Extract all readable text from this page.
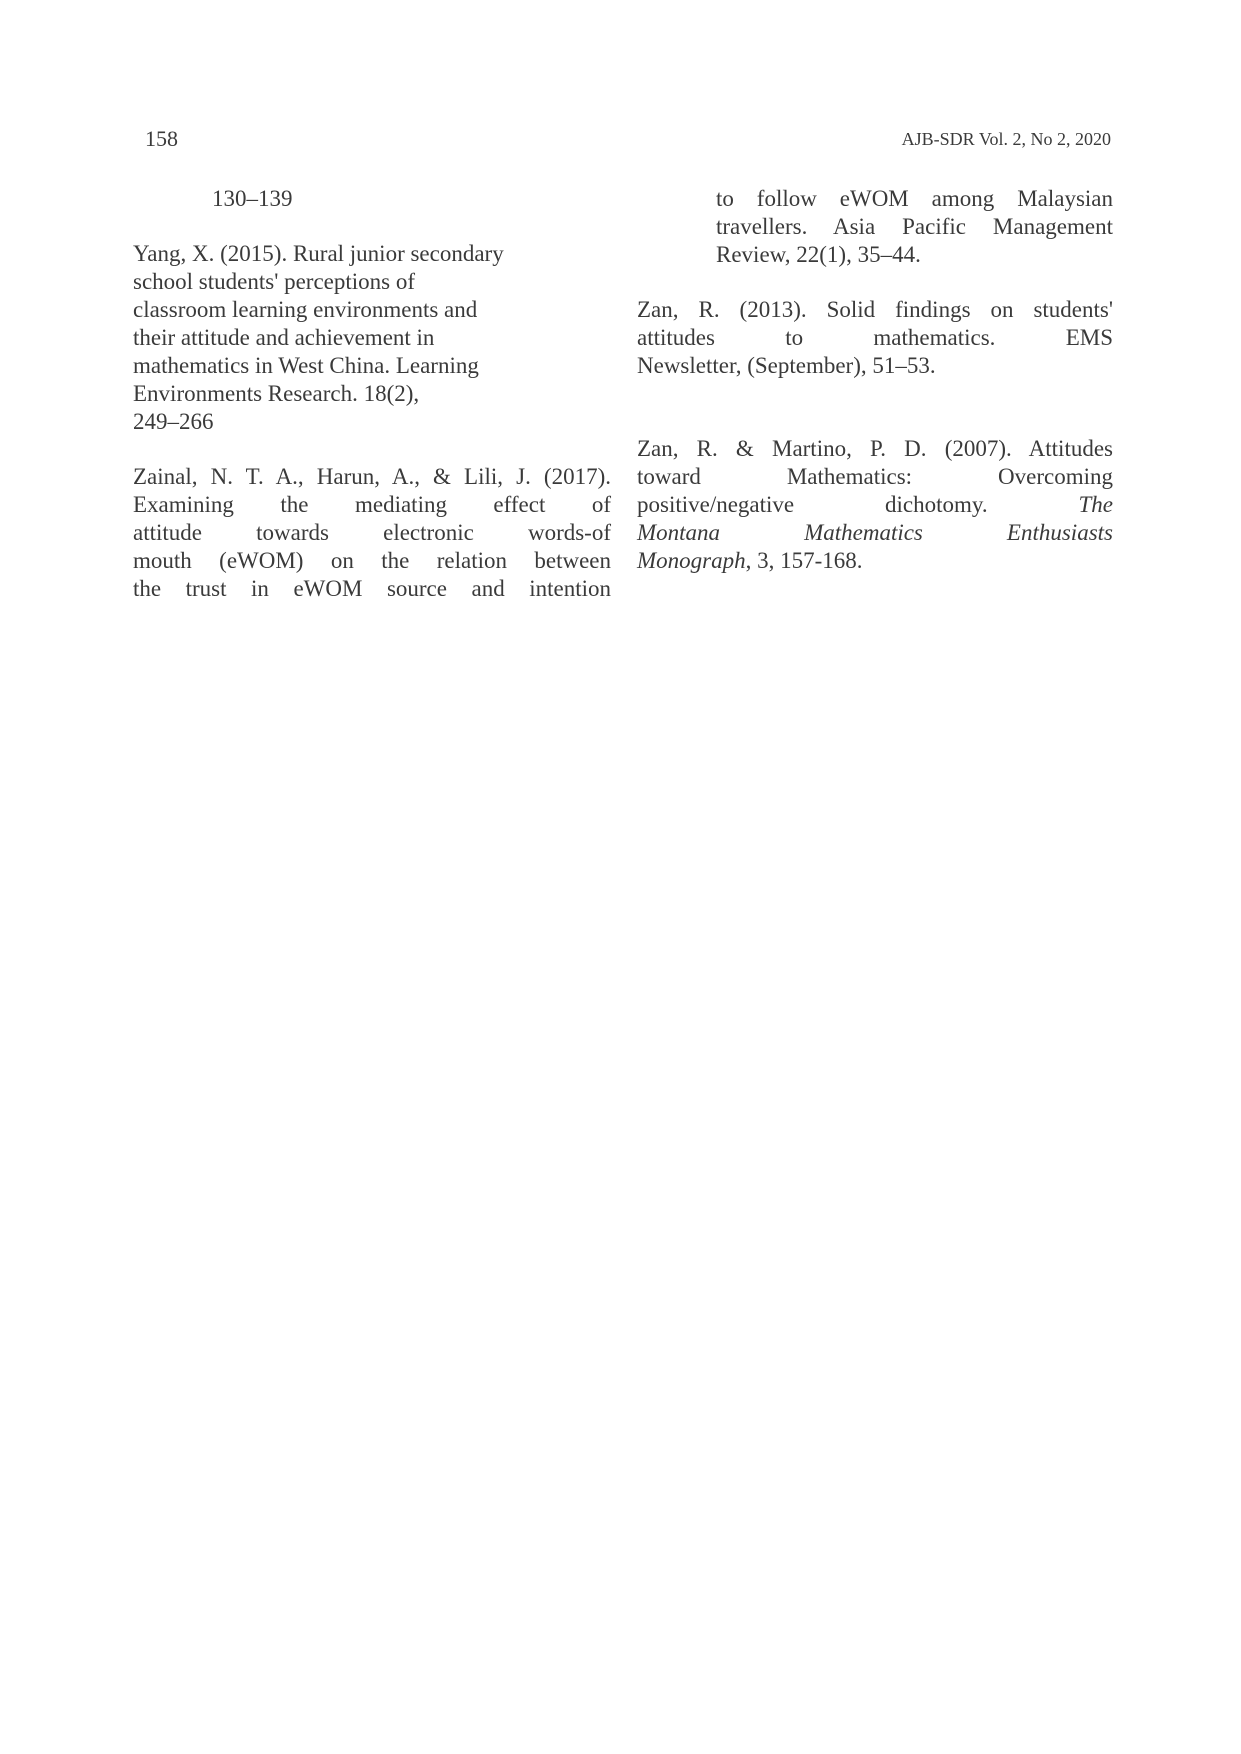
158	AJB-SDR Vol. 2, No 2, 2020

130–139

Yang, X. (2015). Rural junior secondary
school students' perceptions of
classroom learning environments and
their attitude and achievement in
mathematics in West China. Learning
Environments Research. 18(2),
249–266

Zainal, N. T. A., Harun, A., & Lili, J. (2017).
Examining the mediating effect of
attitude towards electronic words-of
mouth (eWOM) on the relation between
the trust in eWOM source and intention

to follow eWOM among Malaysian
travellers. Asia Pacific Management
Review, 22(1), 35–44.

Zan, R. (2013). Solid findings on students'
attitudes to mathematics. EMS
Newsletter, (September), 51–53.

Zan, R. & Martino, P. D. (2007). Attitudes
toward Mathematics: Overcoming
positive/negative dichotomy. The
Montana Mathematics Enthusiasts
Monograph, 3, 157-168.
